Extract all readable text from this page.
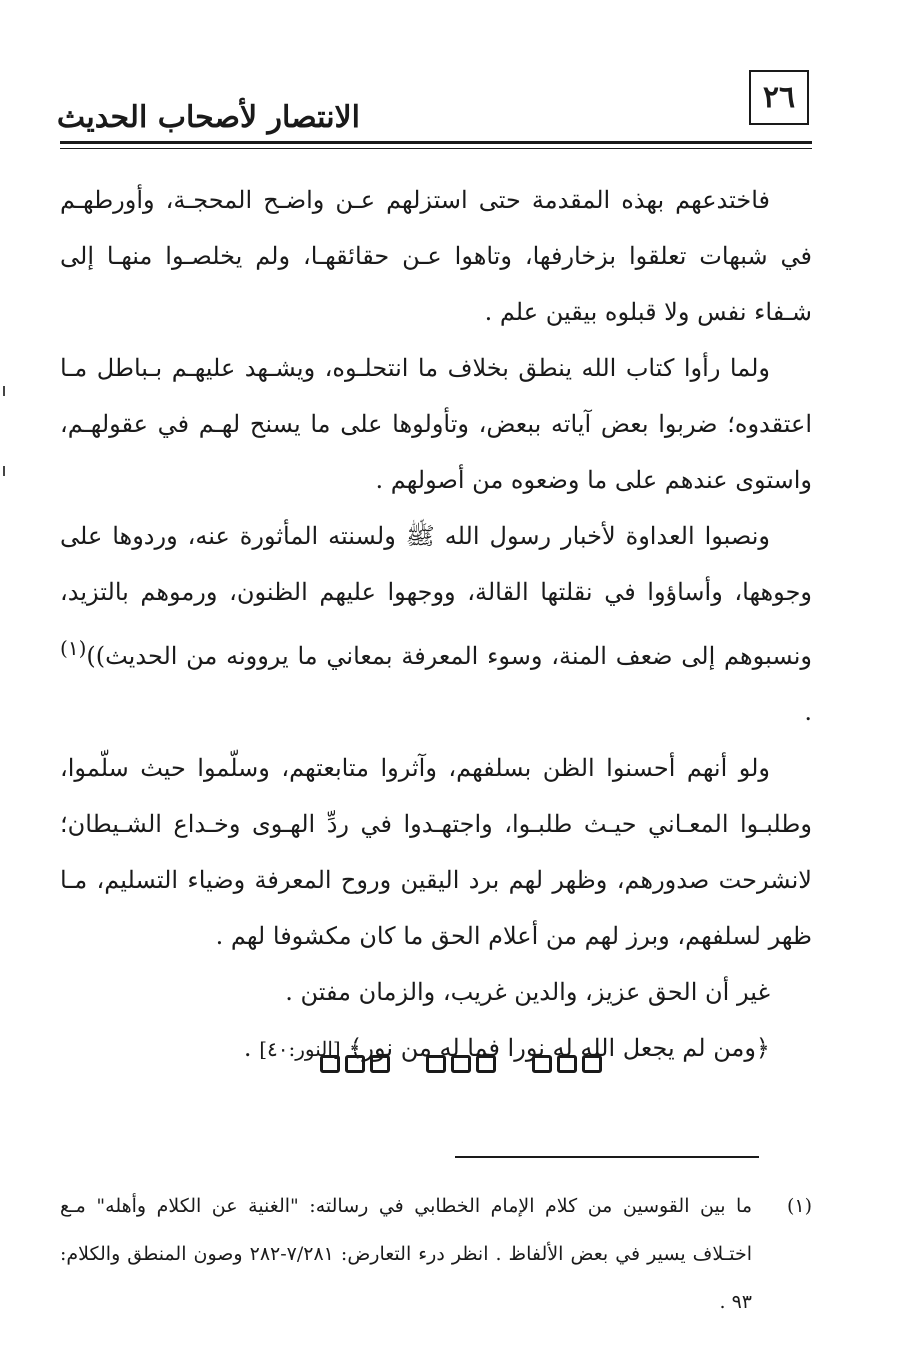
٢٦
الانتصار لأصحاب الحديث

فاختدعهم بهذه المقدمة حتى استزلهم عـن واضـح المحجـة، وأورطهـم في شبهات تعلقوا بزخارفها، وتاهوا عـن حقائقهـا، ولم يخلصـوا منهـا إلى شـفاء نفس ولا قبلوه بيقين علم .

ولما رأوا كتاب الله ينطق بخلاف ما انتحلـوه، ويشـهد عليهـم بـباطل مـا اعتقدوه؛ ضربوا بعض آياته ببعض، وتأولوها على ما يسنح لهـم في عقولهـم، واستوى عندهم على ما وضعوه من أصولهم .

ونصبوا العداوة لأخبار رسول الله ﷺ ولسنته المأثورة عنه، وردوها على وجوهها، وأساؤوا في نقلتها القالة، ووجهوا عليهم الظنون، ورموهم بالتزيد، ونسبوهم إلى ضعف المنة، وسوء المعرفة بمعاني ما يروونه من الحديث))$^{(١)}$ .

ولو أنهم أحسنوا الظن بسلفهم، وآثروا متابعتهم، وسلّموا حيث سلّموا، وطلبـوا المعـاني حيـث طلبـوا، واجتهـدوا في ردِّ الهـوى وخـداع الشـيطان؛ لانشرحت صدورهم، وظهر لهم برد اليقين وروح المعرفة وضياء التسليم، مـا ظهر لسلفهم، وبرز لهم من أعلام الحق ما كان مكشوفا لهم .

غير أن الحق عزيز، والدين غريب، والزمان مفتن .

﴿ومن لم يجعل الله له نورا فما له من نور﴾ [النور:٤٠] .

(١)
ما بين القوسين من كلام الإمام الخطابي في رسالته: "الغنية عن الكلام وأهله" مـع اختـلاف يسير في بعض الألفاظ . انظر درء التعارض: ٧/٢٨١-٢٨٢ وصون المنطق والكلام: ٩٣ .
